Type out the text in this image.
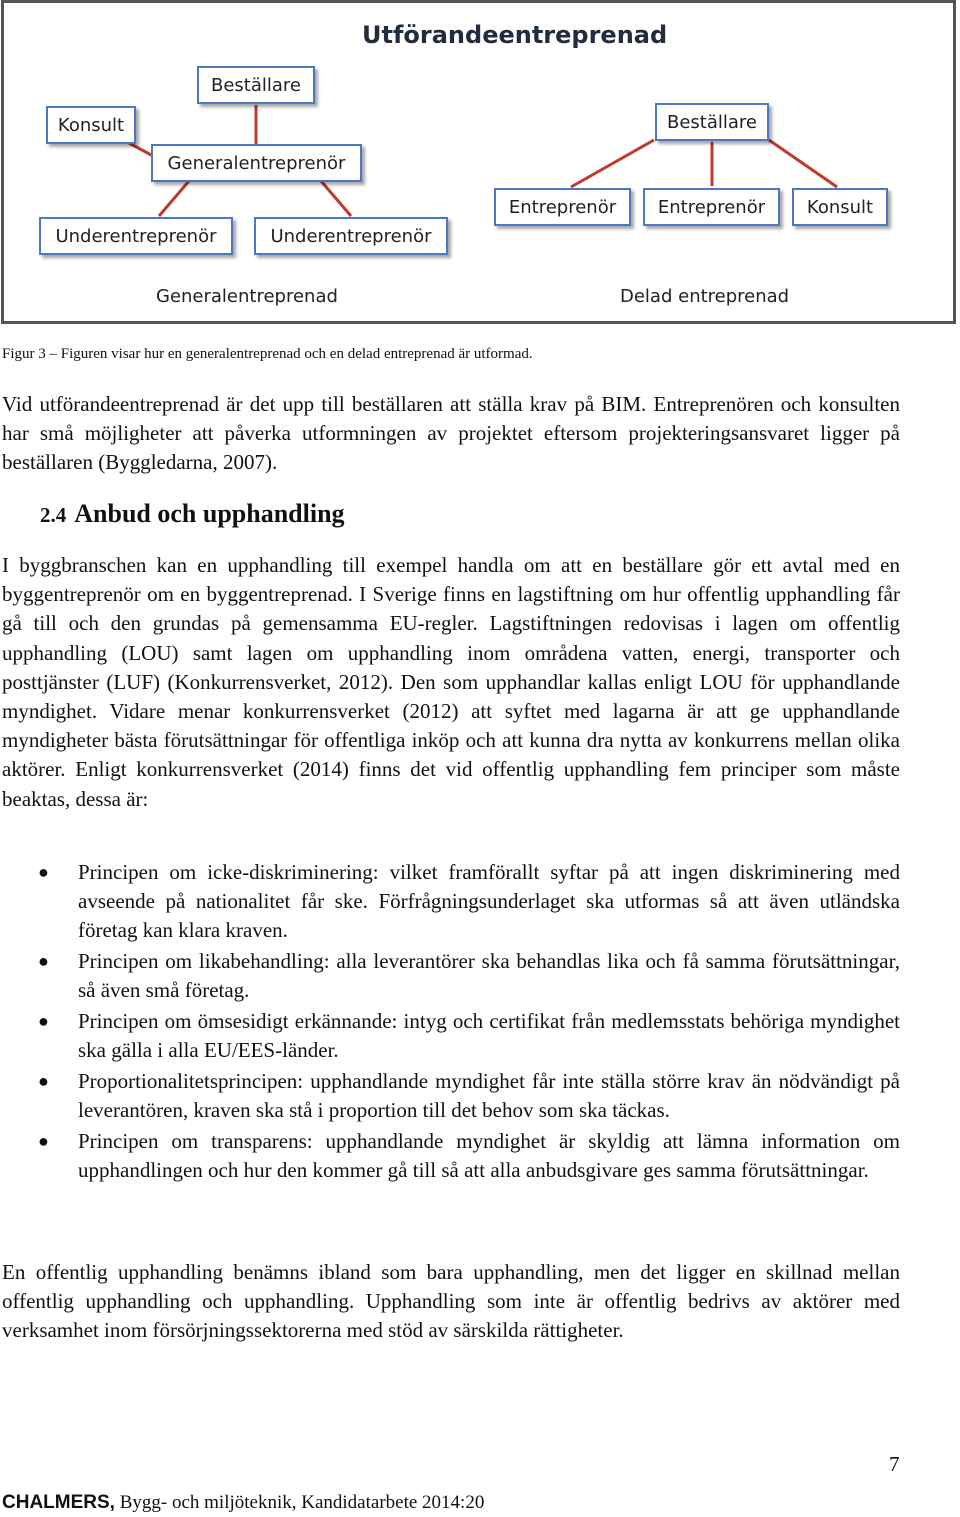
Utförandeentreprenad
Beställare
Konsult
Generalentreprenör
Underentreprenör	Underentreprenör
Generalentreprenad
Beställare
Entreprenör	Entreprenör	Konsult
Delad entreprenad
Figur 3 – Figuren visar hur en generalentreprenad och en delad entreprenad är utformad.

Vid utförandeentreprenad är det upp till beställaren att ställa krav på BIM. Entreprenören och konsulten har små möjligheter att påverka utformningen av projektet eftersom projekteringsansvaret ligger på beställaren (Byggledarna, 2007).

2.4 Anbud och upphandling

I byggbranschen kan en upphandling till exempel handla om att en beställare gör ett avtal med en byggentreprenör om en byggentreprenad. I Sverige finns en lagstiftning om hur offentlig upphandling får gå till och den grundas på gemensamma EU-regler. Lagstiftningen redovisas i lagen om offentlig upphandling (LOU) samt lagen om upphandling inom områdena vatten, energi, transporter och posttjänster (LUF) (Konkurrensverket, 2012). Den som upphandlar kallas enligt LOU för upphandlande myndighet. Vidare menar konkurrensverket (2012) att syftet med lagarna är att ge upphandlande myndigheter bästa förutsättningar för offentliga inköp och att kunna dra nytta av konkurrens mellan olika aktörer. Enligt konkurrensverket (2014) finns det vid offentlig upphandling fem principer som måste beaktas, dessa är:

● Principen om icke-diskriminering: vilket framförallt syftar på att ingen diskriminering med avseende på nationalitet får ske. Förfrågningsunderlaget ska utformas så att även utländska företag kan klara kraven.
● Principen om likabehandling: alla leverantörer ska behandlas lika och få samma förutsättningar, så även små företag.
● Principen om ömsesidigt erkännande: intyg och certifikat från medlemsstats behöriga myndighet ska gälla i alla EU/EES-länder.
● Proportionalitetsprincipen: upphandlande myndighet får inte ställa större krav än nödvändigt på leverantören, kraven ska stå i proportion till det behov som ska täckas.
● Principen om transparens: upphandlande myndighet är skyldig att lämna information om upphandlingen och hur den kommer gå till så att alla anbudsgivare ges samma förutsättningar.

En offentlig upphandling benämns ibland som bara upphandling, men det ligger en skillnad mellan offentlig upphandling och upphandling. Upphandling som inte är offentlig bedrivs av aktörer med verksamhet inom försörjningssektorerna med stöd av särskilda rättigheter.

7
CHALMERS, Bygg- och miljöteknik, Kandidatarbete 2014:20
